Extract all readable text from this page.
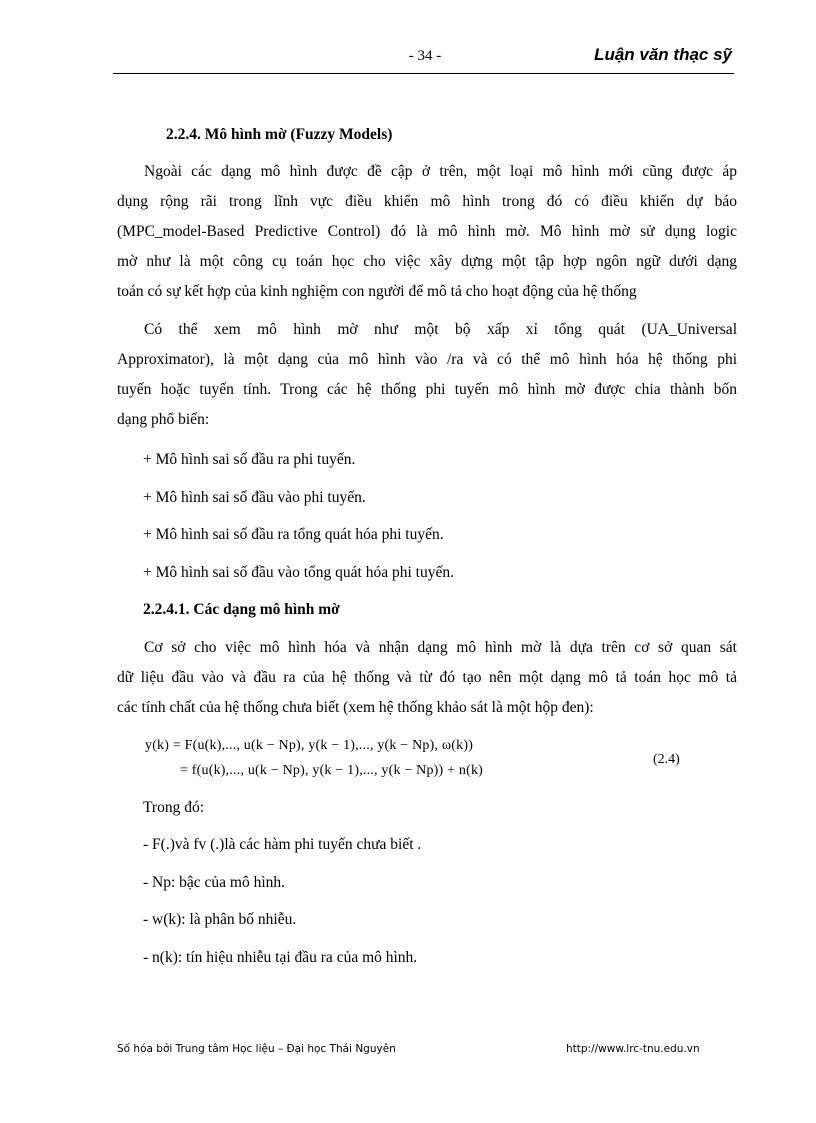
- 34 -	Luận văn thạc sỹ
2.2.4. Mô hình mờ (Fuzzy Models)
Ngoài các dạng mô hình được đề cập ở trên, một loại mô hình mới cũng được áp
dụng rộng rãi trong lĩnh vực điều khiển mô hình trong đó có điều khiển dự báo
(MPC_model-Based Predictive Control) đó là mô hình mờ. Mô hình mờ sử dụng logic
mờ như là một công cụ toán học cho việc xây dựng một tập hợp ngôn ngữ dưới dạng
toán có sự kết hợp của kinh nghiệm con người để mô tả cho hoạt động của hệ thống
Có thể xem mô hình mờ như một bộ xấp xỉ tổng quát (UA_Universal
Approximator), là một dạng của mô hình vào /ra và có thể mô hình hóa hệ thống phi
tuyến hoặc tuyến tính. Trong các hệ thống phi tuyến mô hình mờ được chia thành bốn
dạng phổ biến:
+ Mô hình sai số đầu ra phi tuyến.
+ Mô hình sai số đầu vào phi tuyến.
+ Mô hình sai số đầu ra tổng quát hóa phi tuyến.
+ Mô hình sai số đầu vào tổng quát hóa phi tuyến.
2.2.4.1. Các dạng mô hình mờ
Cơ sở cho việc mô hình hóa và nhận dạng mô hình mờ là dựa trên cơ sở quan sát
dữ liệu đầu vào và đầu ra của hệ thống và từ đó tạo nên một dạng mô tả toán học mô tả
các tính chất của hệ thống chưa biết (xem hệ thống khảo sát là một hộp đen):
y(k) = F(u(k),..., u(k − Np), y(k − 1),..., y(k − Np), ω(k))
= f(u(k),..., u(k − Np), y(k − 1),..., y(k − Np)) + n(k)
(2.4)
Trong đó:
- F(.)và fv (.)là các hàm phi tuyến chưa biết .
- Np: bậc của mô hình.
- w(k): là phân bố nhiễu.
- n(k): tín hiệu nhiễu tại đầu ra của mô hình.
Số hóa bởi Trung tâm Học liệu – Đại học Thái Nguyên	http://www.lrc-tnu.edu.vn
